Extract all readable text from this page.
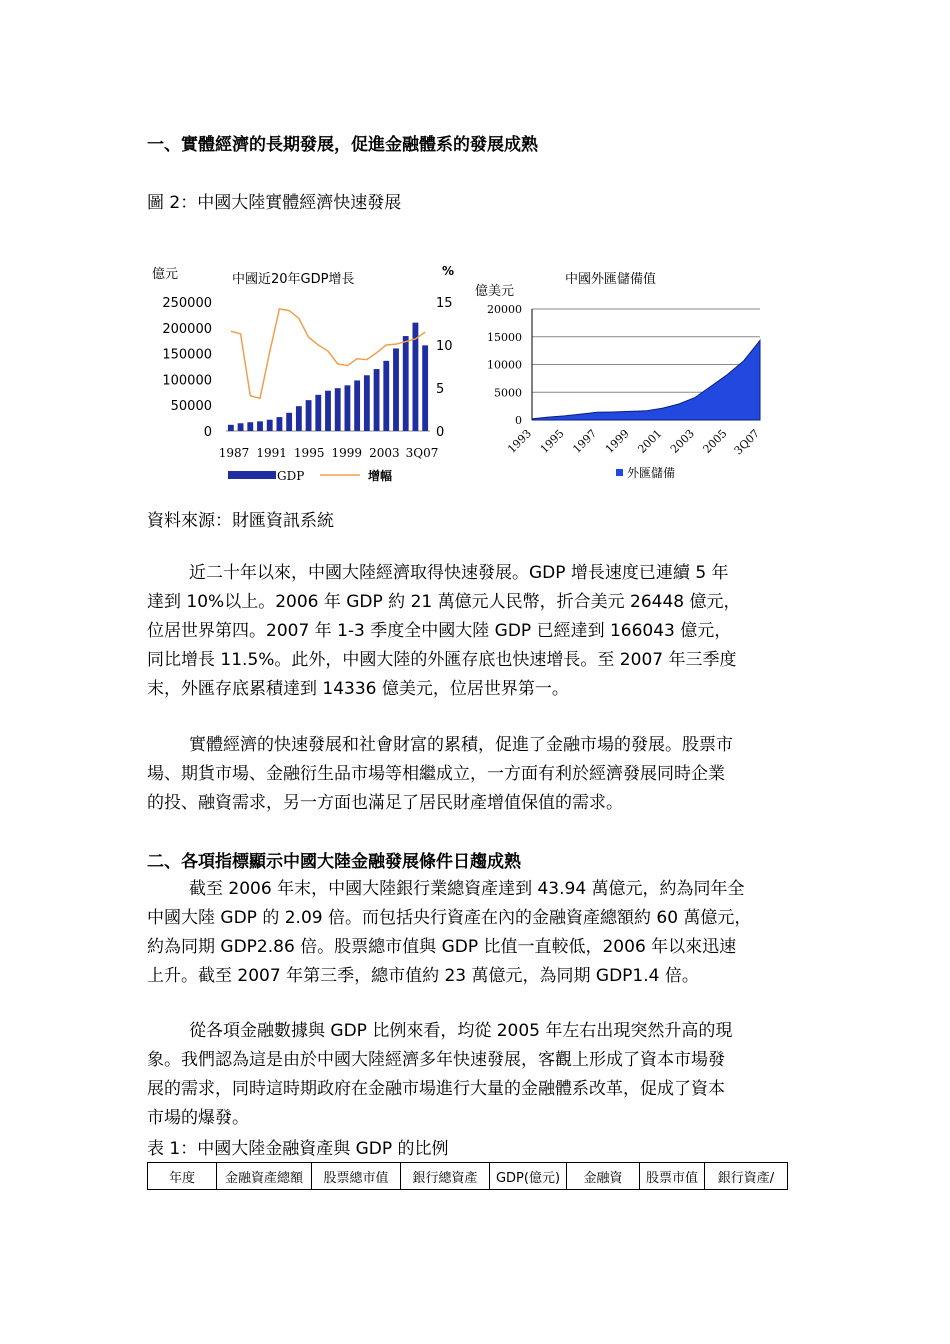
一、實體經濟的長期發展，促進金融體系的發展成熟
圖 2：中國大陸實體經濟快速發展
億元	中國近20年GDP增長
%
250000
200000
150000
100000
50000
0
15
10
5
0
1987 1991 1995 1999 2003 3Q07
GDP	增幅
中國外匯儲備值
億美元
20000
15000
10000
5000
0
1993 1995 1997 1999 2001 2003 2005 3Q07
外匯儲備
資料來源：財匯資訊系統
近二十年以來，中國大陸經濟取得快速發展。GDP 增長速度已連續 5 年
達到 10%以上。2006 年 GDP 約 21 萬億元人民幣，折合美元 26448 億元，
位居世界第四。2007 年 1-3 季度全中國大陸 GDP 已經達到 166043 億元，
同比增長 11.5%。此外，中國大陸的外匯存底也快速增長。至 2007 年三季度
末，外匯存底累積達到 14336 億美元，位居世界第一。
實體經濟的快速發展和社會財富的累積，促進了金融市場的發展。股票市
場、期貨市場、金融衍生品市場等相繼成立，一方面有利於經濟發展同時企業
的投、融資需求，另一方面也滿足了居民財產增值保值的需求。
二、各項指標顯示中國大陸金融發展條件日趨成熟
截至 2006 年末，中國大陸銀行業總資產達到 43.94 萬億元，約為同年全
中國大陸 GDP 的 2.09 倍。而包括央行資產在內的金融資產總額約 60 萬億元，
約為同期 GDP2.86 倍。股票總市值與 GDP 比值一直較低，2006 年以來迅速
上升。截至 2007 年第三季，總市值約 23 萬億元，為同期 GDP1.4 倍。
從各項金融數據與 GDP 比例來看，均從 2005 年左右出現突然升高的現
象。我們認為這是由於中國大陸經濟多年快速發展，客觀上形成了資本市場發
展的需求，同時這時期政府在金融市場進行大量的金融體系改革，促成了資本
市場的爆發。
表 1：中國大陸金融資產與 GDP 的比例
年度	金融資產總額	股票總市值	銀行總資產	GDP(億元)	金融資	股票市值	銀行資產/
